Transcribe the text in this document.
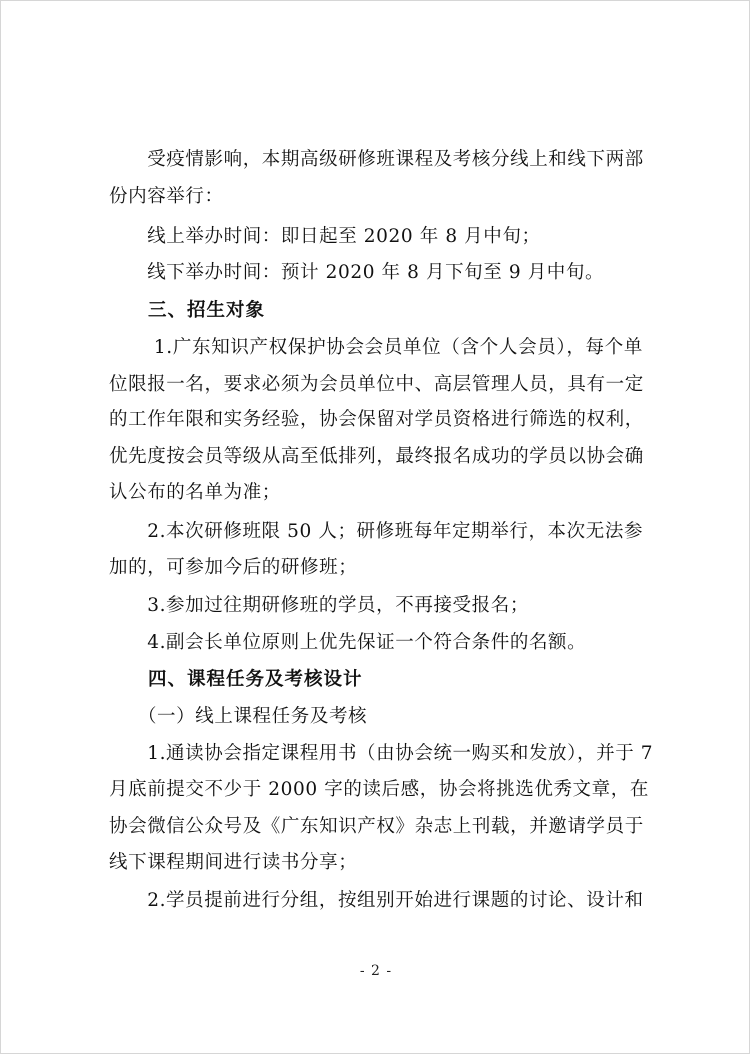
　　受疫情影响，本期高级研修班课程及考核分线上和线下两部
份内容举行：
　　线上举办时间：即日起至 2020 年 8 月中旬；
　　线下举办时间：预计 2020 年 8 月下旬至 9 月中旬。
　　三、招生对象
　　 1.广东知识产权保护协会会员单位（含个人会员），每个单
位限报一名，要求必须为会员单位中、高层管理人员，具有一定
的工作年限和实务经验，协会保留对学员资格进行筛选的权利，
优先度按会员等级从高至低排列，最终报名成功的学员以协会确
认公布的名单为准；
　　2.本次研修班限 50 人；研修班每年定期举行，本次无法参
加的，可参加今后的研修班；
　　3.参加过往期研修班的学员，不再接受报名；
　　4.副会长单位原则上优先保证一个符合条件的名额。
　　四、课程任务及考核设计
　　（一）线上课程任务及考核
　　1.通读协会指定课程用书（由协会统一购买和发放），并于 7
月底前提交不少于 2000 字的读后感，协会将挑选优秀文章，在
协会微信公众号及《广东知识产权》杂志上刊载，并邀请学员于
线下课程期间进行读书分享；
　　2.学员提前进行分组，按组别开始进行课题的讨论、设计和
- 2 -
